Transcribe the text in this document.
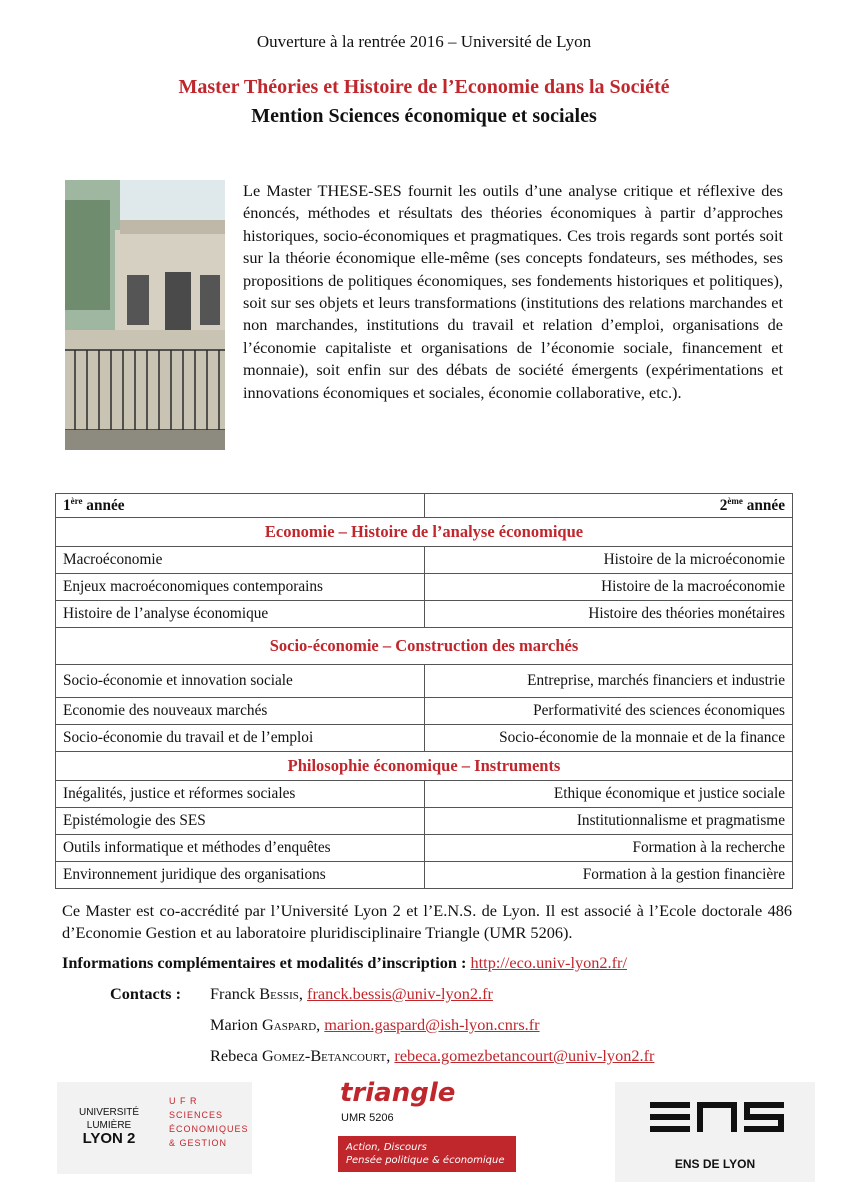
Ouverture à la rentrée 2016 – Université de Lyon
Master Théories et Histoire de l’Economie dans la Société
Mention Sciences économique et sociales
Le Master THESE-SES fournit les outils d’une analyse critique et réflexive des énoncés, méthodes et résultats des théories économiques à partir d’approches historiques, socio-économiques et pragmatiques. Ces trois regards sont portés soit sur la théorie économique elle-même (ses concepts fondateurs, ses méthodes, ses propositions de politiques économiques, ses fondements historiques et politiques), soit sur ses objets et leurs transformations (institutions des relations marchandes et non marchandes, institutions du travail et relation d’emploi, organisations de l’économie capitaliste et organisations de l’économie sociale, financement et monnaie), soit enfin sur des débats de société émergents (expérimentations et innovations économiques et sociales, économie collaborative, etc.).
1ère année	2ème année
Economie – Histoire de l’analyse économique	
Macroéconomie	Histoire de la microéconomie
Enjeux macroéconomiques contemporains	Histoire de la macroéconomie
Histoire de l’analyse économique	Histoire des théories monétaires
Socio-économie – Construction des marchés	
Socio-économie et innovation sociale	Entreprise, marchés financiers et industrie
Economie des nouveaux marchés	Performativité des sciences économiques
Socio-économie du travail et de l’emploi	Socio-économie de la monnaie et de la finance
Philosophie économique – Instruments	
Inégalités, justice et réformes sociales	Ethique économique et justice sociale
Epistémologie des SES	Institutionnalisme et pragmatisme
Outils informatique et méthodes d’enquêtes	Formation à la recherche
Environnement juridique des organisations	Formation à la gestion financière
Ce Master est co-accrédité par l’Université Lyon 2 et l’E.N.S. de Lyon. Il est associé à l’Ecole doctorale 486 d’Economie Gestion et au laboratoire pluridisciplinaire Triangle (UMR 5206).
Informations complémentaires et modalités d’inscription : http://eco.univ-lyon2.fr/
Contacts : Franck Bessis, franck.bessis@univ-lyon2.fr
Marion Gaspard, marion.gaspard@ish-lyon.cnrs.fr
Rebeca Gomez-Betancourt, rebeca.gomezbetancourt@univ-lyon2.fr
UNIVERSITÉ
LUMIÈRE
LYON 2
U F R
SCIENCES
ÉCONOMIQUES
& GESTION
triangle
UMR 5206
Action, Discours
Pensée politique & économique	ENS DE LYON
